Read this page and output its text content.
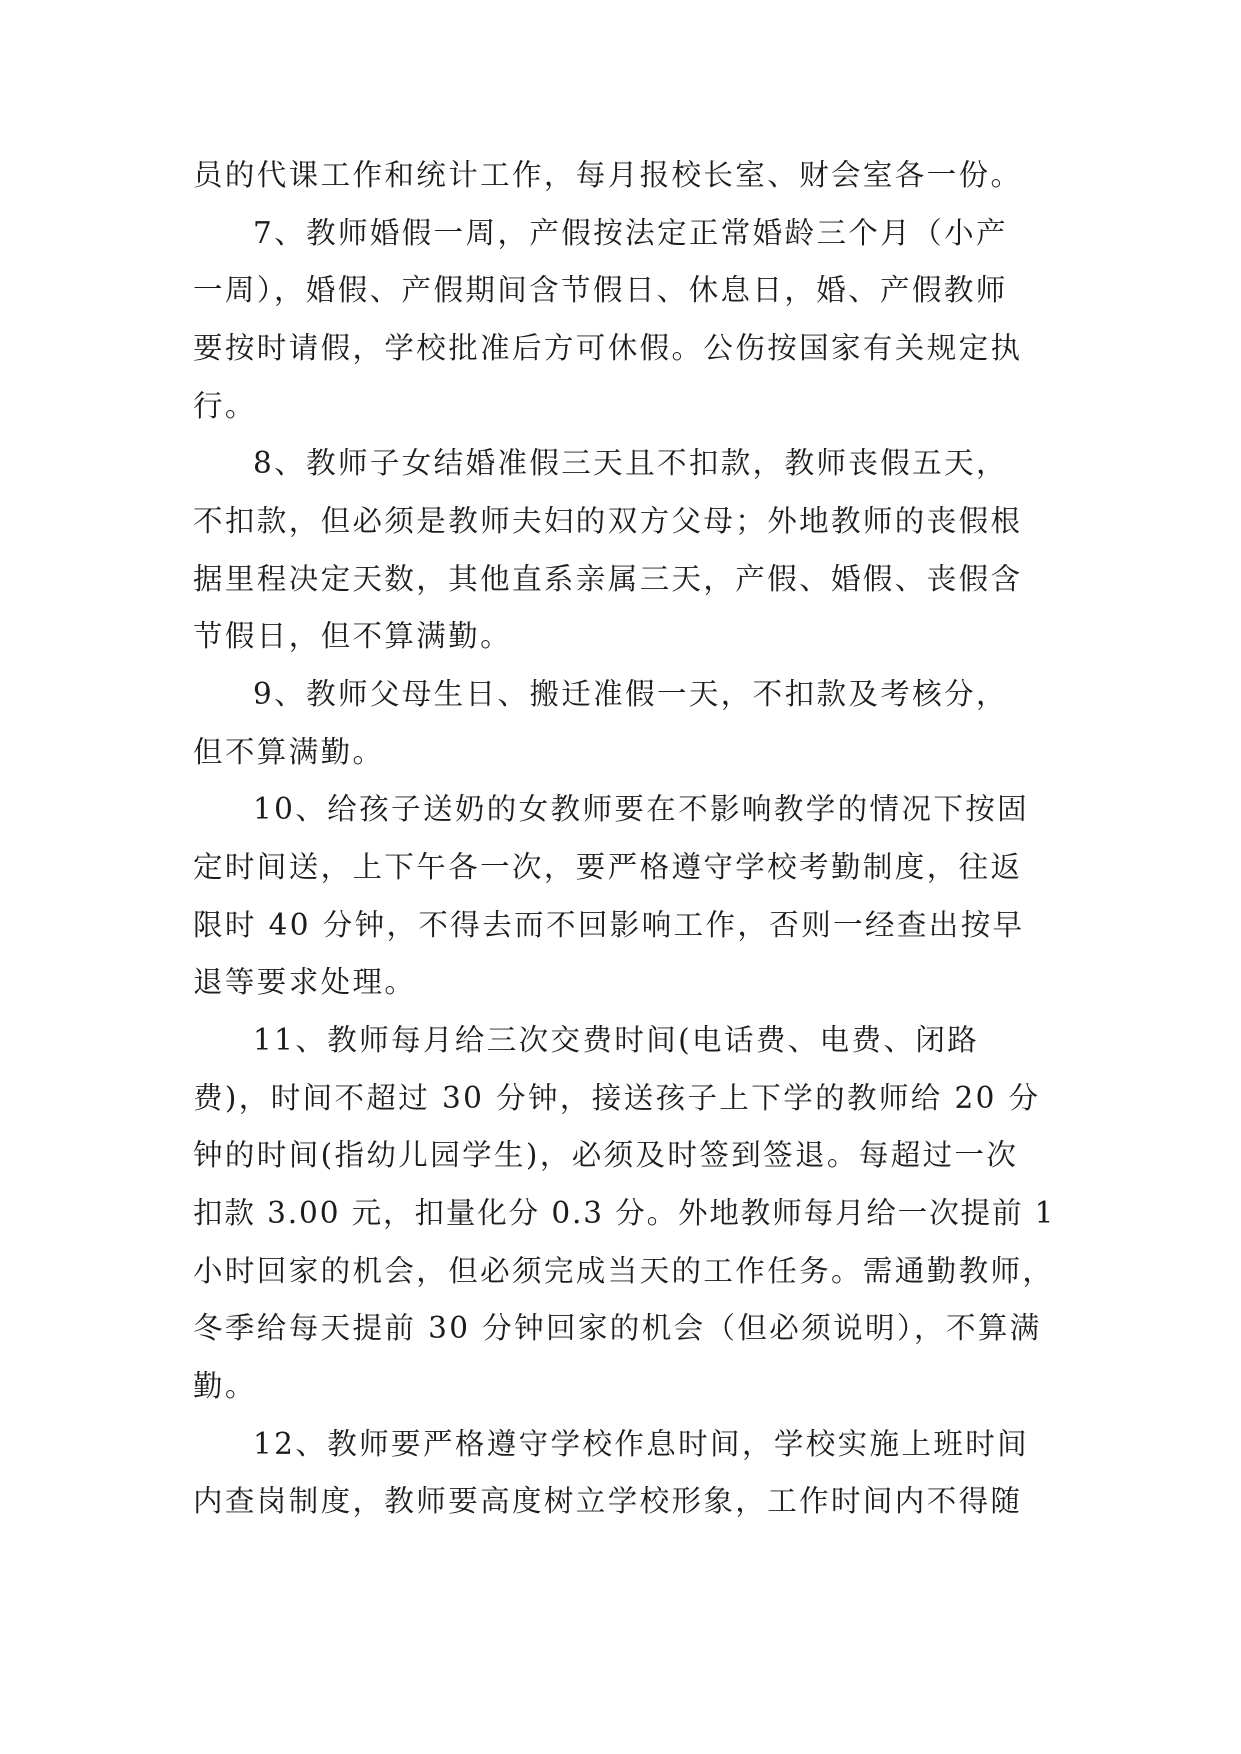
员的代课工作和统计工作，每月报校长室、财会室各一份。
7、教师婚假一周，产假按法定正常婚龄三个月（小产
一周），婚假、产假期间含节假日、休息日，婚、产假教师
要按时请假，学校批准后方可休假。公伤按国家有关规定执
行。
8、教师子女结婚准假三天且不扣款，教师丧假五天，
不扣款，但必须是教师夫妇的双方父母；外地教师的丧假根
据里程决定天数，其他直系亲属三天，产假、婚假、丧假含
节假日，但不算满勤。
9、教师父母生日、搬迁准假一天，不扣款及考核分，
但不算满勤。
10、给孩子送奶的女教师要在不影响教学的情况下按固
定时间送，上下午各一次，要严格遵守学校考勤制度，往返
限时 40 分钟，不得去而不回影响工作，否则一经查出按早
退等要求处理。
11、教师每月给三次交费时间(电话费、电费、闭路
费)，时间不超过 30 分钟，接送孩子上下学的教师给 20 分
钟的时间(指幼儿园学生)，必须及时签到签退。每超过一次
扣款 3.00 元，扣量化分 0.3 分。外地教师每月给一次提前 1
小时回家的机会，但必须完成当天的工作任务。需通勤教师，
冬季给每天提前 30 分钟回家的机会（但必须说明），不算满
勤。
12、教师要严格遵守学校作息时间，学校实施上班时间
内查岗制度，教师要高度树立学校形象，工作时间内不得随
